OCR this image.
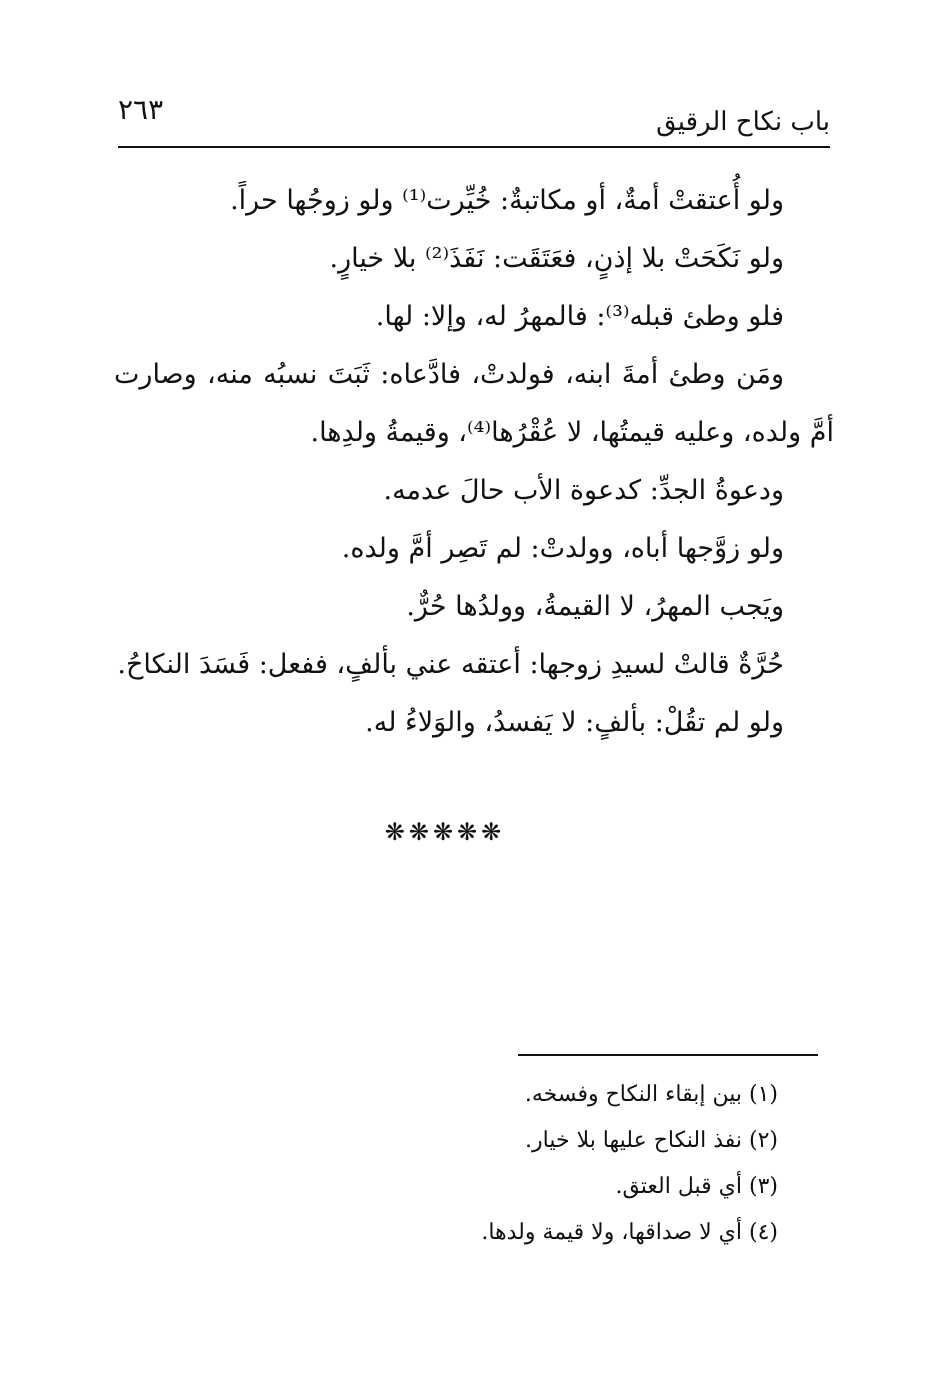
باب نكاح الرقيق
٢٦٣

ولو أُعتقتْ أمةٌ، أو مكاتبةٌ: خُيِّرت⁽¹⁾ ولو زوجُها حراً.

ولو نَكَحَتْ بلا إذنٍ، فعَتَقَت: نَفَذَ⁽²⁾ بلا خيارٍ.

فلو وطئ قبله⁽³⁾: فالمهرُ له، وإلا: لها.

ومَن وطئ أمةَ ابنه، فولدتْ، فادَّعاه: ثَبَتَ نسبُه منه، وصارت أمَّ ولده، وعليه قيمتُها، لا عُقْرُها⁽⁴⁾، وقيمةُ ولدِها.

ودعوةُ الجدِّ: كدعوة الأب حالَ عدمه.

ولو زوَّجها أباه، وولدتْ: لم تَصِر أمَّ ولده.

ويَجب المهرُ، لا القيمةُ، وولدُها حُرٌّ.

حُرَّةٌ قالتْ لسيدِ زوجها: أعتقه عني بألفٍ، ففعل: فَسَدَ النكاحُ.

ولو لم تقُلْ: بألفٍ: لا يَفسدُ، والوَلاءُ له.

❋❋❋❋❋

(١) بين إبقاء النكاح وفسخه.

(٢) نفذ النكاح عليها بلا خيار.

(٣) أي قبل العتق.

(٤) أي لا صداقها، ولا قيمة ولدها.
